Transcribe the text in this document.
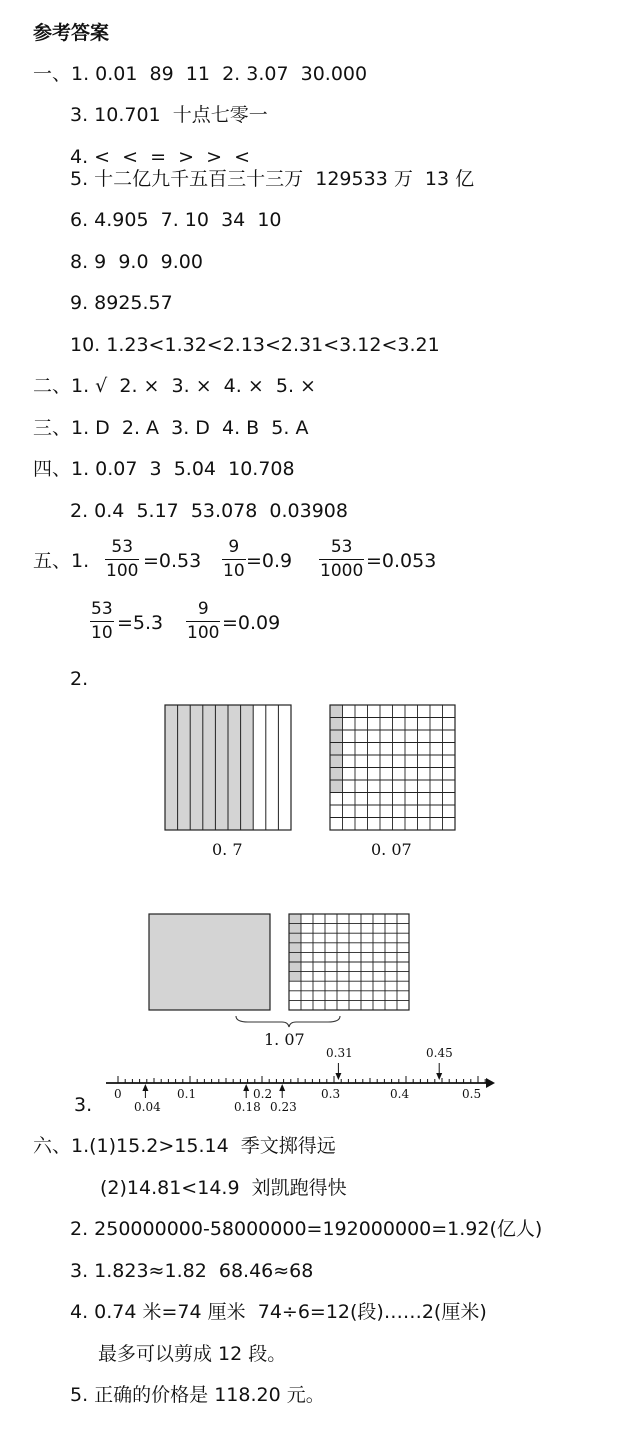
参考答案
一、1. 0.01  89  11  2. 3.07  30.000
3. 10.701  十点七零一
4. <  <  =  >  >  <
5. 十二亿九千五百三十三万  129533 万  13 亿
6. 4.905  7. 10  34  10
8. 9  9.0  9.00
9. 8925.57
10. 1.23<1.32<2.13<2.31<3.12<3.21
二、1. √  2. ×  3. ×  4. ×  5. ×
三、1. D  2. A  3. D  4. B  5. A
四、1. 0.07  3  5.04  10.708
2. 0.4  5.17  53.078  0.03908
五、1. $\frac{53}{100} =0.53 \frac{9}{10} =0.9 \frac{53}{1000} =0.053$
$\frac{53}{10} =5.3 \frac{9}{100} =0.09$
2.
0. 7	0. 07
1. 07
0	0.1	0.2	0.3	0.4	0.5
0.04	0.18 0.23
0.31	0.45
3.
六、1.(1)15.2>15.14  季文掷得远
(2)14.81<14.9  刘凯跑得快
2. 250000000-58000000=192000000=1.92(亿人)
3. 1.823≈1.82  68.46≈68
4. 0.74 米=74 厘米  74÷6=12(段)……2(厘米)
最多可以剪成 12 段。
5. 正确的价格是 118.20 元。
